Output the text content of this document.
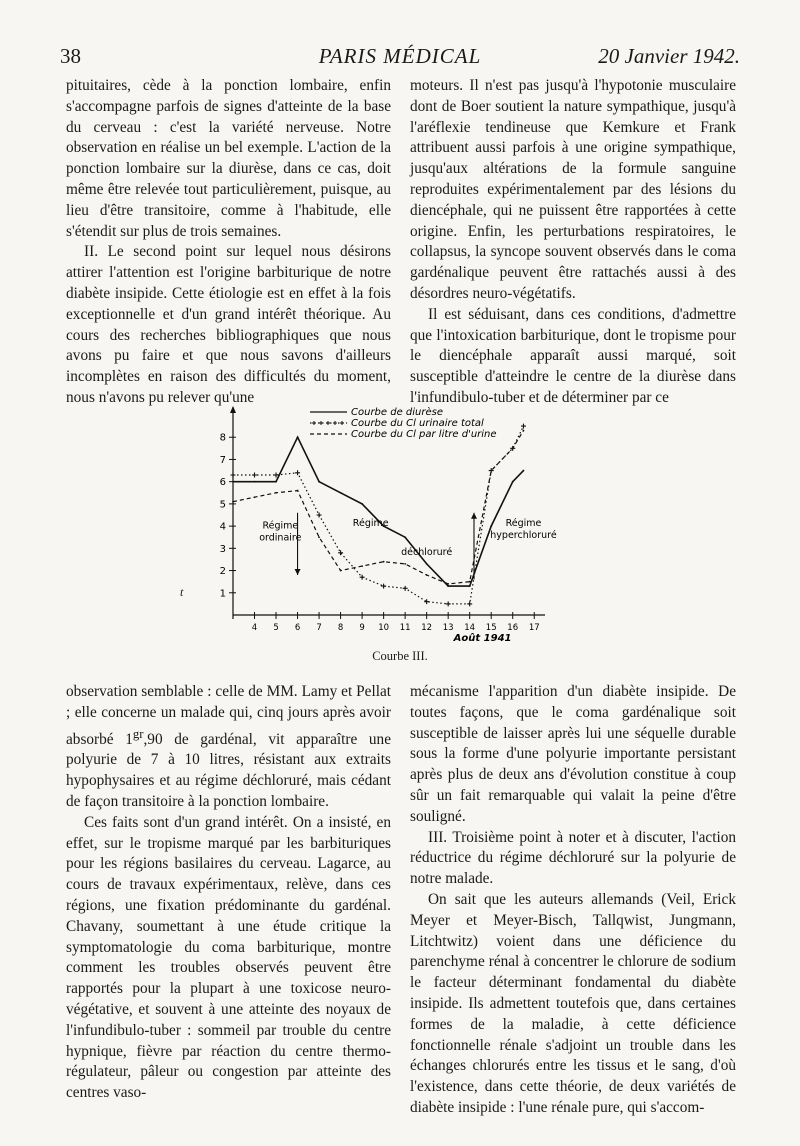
38	PARIS MÉDICAL	20 Janvier 1942.

pituitaires, cède à la ponction lombaire, enfin s'accompagne parfois de signes d'atteinte de la base du cerveau : c'est la variété nerveuse. Notre observation en réalise un bel exemple. L'action de la ponction lombaire sur la diurèse, dans ce cas, doit même être relevée tout particulièrement, puisque, au lieu d'être transitoire, comme à l'habitude, elle s'étendit sur plus de trois semaines.

II. Le second point sur lequel nous désirons attirer l'attention est l'origine barbiturique de notre diabète insipide. Cette étiologie est en effet à la fois exceptionnelle et d'un grand intérêt théorique. Au cours des recherches bibliographiques que nous avons pu faire et que nous savons d'ailleurs incomplètes en raison des difficultés du moment, nous n'avons pu relever qu'une

moteurs. Il n'est pas jusqu'à l'hypotonie musculaire dont de Boer soutient la nature sympathique, jusqu'à l'aréflexie tendineuse que Kemkure et Frank attribuent aussi parfois à une origine sympathique, jusqu'aux altérations de la formule sanguine reproduites expérimentalement par des lésions du diencéphale, qui ne puissent être rapportées à cette origine. Enfin, les perturbations respiratoires, le collapsus, la syncope souvent observés dans le coma gardénalique peuvent être rattachés aussi à des désordres neuro-végétatifs.

Il est séduisant, dans ces conditions, d'admettre que l'intoxication barbiturique, dont le tropisme pour le diencéphale apparaît aussi marqué, soit susceptible d'atteindre le centre de la diurèse dans l'infundibulo-tuber et de déterminer par ce

t	1
2
3
4
5
6
7
8
4 5 6 7 8 9 10 11 12 13 14 15 16 17
Août 1941
Courbe de diurèse
Courbe du Cl urinaire total
Courbe du Cl par litre d'urine
Régime ordinaire
Régime
déchloruré
Régime
hyperchloruré
Courbe III.

observation semblable : celle de MM. Lamy et Pellat ; elle concerne un malade qui, cinq jours après avoir absorbé $1^{gr},90$ de gardénal, vit apparaître une polyurie de 7 à 10 litres, résistant aux extraits hypophysaires et au régime déchloruré, mais cédant de façon transitoire à la ponction lombaire.

Ces faits sont d'un grand intérêt. On a insisté, en effet, sur le tropisme marqué par les barbituriques pour les régions basilaires du cerveau. Lagarce, au cours de travaux expérimentaux, relève, dans ces régions, une fixation prédominante du gardénal. Chavany, soumettant à une étude critique la symptomatologie du coma barbiturique, montre comment les troubles observés peuvent être rapportés pour la plupart à une toxicose neuro-végétative, et souvent à une atteinte des noyaux de l'infundibulo-tuber : sommeil par trouble du centre hypnique, fièvre par réaction du centre thermo-régulateur, pâleur ou congestion par atteinte des centres vaso-

mécanisme l'apparition d'un diabète insipide. De toutes façons, que le coma gardénalique soit susceptible de laisser après lui une séquelle durable sous la forme d'une polyurie importante persistant après plus de deux ans d'évolution constitue à coup sûr un fait remarquable qui valait la peine d'être souligné.

III. Troisième point à noter et à discuter, l'action réductrice du régime déchloruré sur la polyurie de notre malade.

On sait que les auteurs allemands (Veil, Erick Meyer et Meyer-Bisch, Tallqwist, Jungmann, Litchtwitz) voient dans une déficience du parenchyme rénal à concentrer le chlorure de sodium le facteur déterminant fondamental du diabète insipide. Ils admettent toutefois que, dans certaines formes de la maladie, à cette déficience fonctionnelle rénale s'adjoint un trouble dans les échanges chlorurés entre les tissus et le sang, d'où l'existence, dans cette théorie, de deux variétés de diabète insipide : l'une rénale pure, qui s'accom-
